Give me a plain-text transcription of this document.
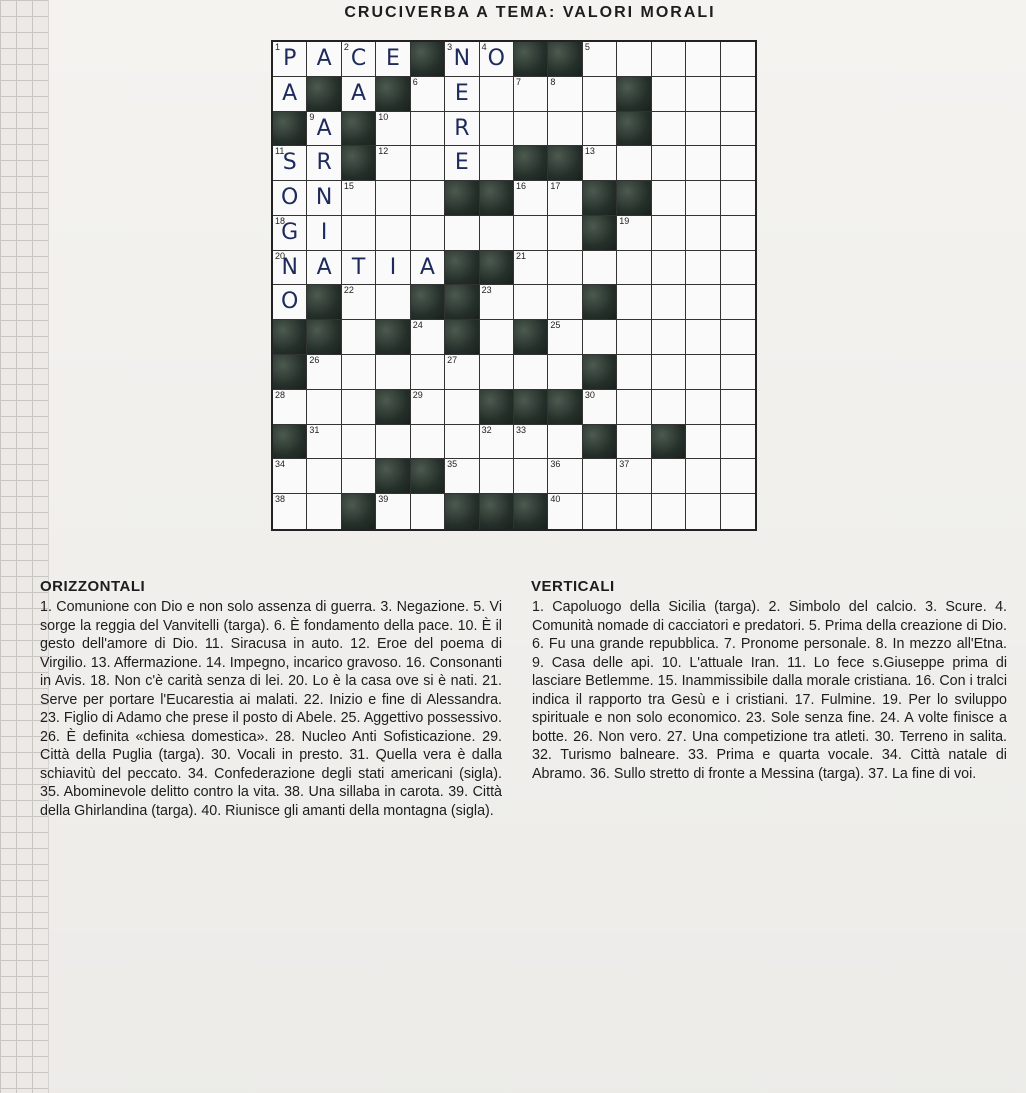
CRUCIVERBA A TEMA: VALORI MORALI
1 P A	2 C E	3 N	4 O	5
A	A	6	E	7	8
9 A	10	R
11
S R	12	E	13
O N	15	16	17
18
G	I	19
20
N A T	I	A	21
O	22	23
24	25
26	27
28	29	30
31	32	33
34	35	36	37
38	39	40
ORIZZONTALI

1. Comunione con Dio e non solo assenza di guerra. 3. Negazione. 5. Vi sorge la reggia del Vanvitelli (targa). 6. È fondamento della pace. 10. È il gesto dell'amore di Dio. 11. Siracusa in auto. 12. Eroe del poema di Virgilio. 13. Affermazione. 14. Impegno, incarico gravoso. 16. Consonanti in Avis. 18. Non c'è carità senza di lei. 20. Lo è la casa ove si è nati. 21. Serve per portare l'Eucarestia ai malati. 22. Inizio e fine di Alessandra. 23. Figlio di Adamo che prese il posto di Abele. 25. Aggettivo possessivo. 26. È definita «chiesa domestica». 28. Nucleo Anti Sofisticazione. 29. Città della Puglia (targa). 30. Vocali in presto. 31. Quella vera è dalla schiavitù del peccato. 34. Confederazione degli stati americani (sigla). 35. Abominevole delitto contro la vita. 38. Una sillaba in carota. 39. Città della Ghirlandina (targa). 40. Riunisce gli amanti della montagna (sigla).

VERTICALI

1. Capoluogo della Sicilia (targa). 2. Simbolo del calcio. 3. Scure. 4. Comunità nomade di cacciatori e predatori. 5. Prima della creazione di Dio. 6. Fu una grande repubblica. 7. Pronome personale. 8. In mezzo all'Etna. 9. Casa delle api. 10. L'attuale Iran. 11. Lo fece s.Giuseppe prima di lasciare Betlemme. 15. Inammissibile dalla morale cristiana. 16. Con i tralci indica il rapporto tra Gesù e i cristiani. 17. Fulmine. 19. Per lo sviluppo spirituale e non solo economico. 23. Sole senza fine. 24. A volte finisce a botte. 26. Non vero. 27. Una competizione tra atleti. 30. Terreno in salita. 32. Turismo balneare. 33. Prima e quarta vocale. 34. Città natale di Abramo. 36. Sullo stretto di fronte a Messina (targa). 37. La fine di voi.
